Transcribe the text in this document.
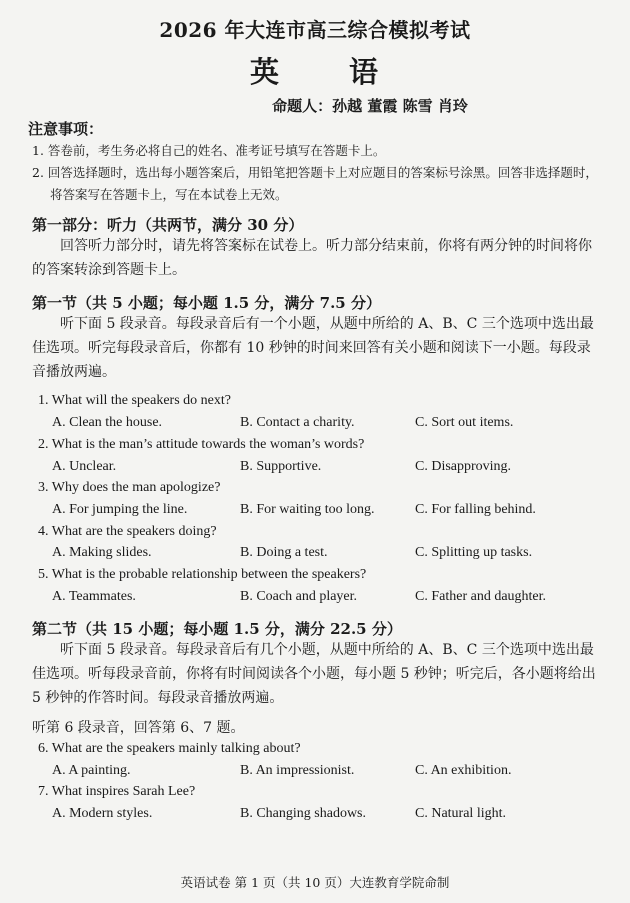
2026 年大连市高三综合模拟考试
英 语
命题人：孙越 董霞 陈雪 肖玲
注意事项：
1. 答卷前，考生务必将自己的姓名、准考证号填写在答题卡上。
2. 回答选择题时，选出每小题答案后，用铅笔把答题卡上对应题目的答案标号涂黑。回答非选择题时，
将答案写在答题卡上，写在本试卷上无效。
第一部分：听力（共两节，满分 30 分）
回答听力部分时，请先将答案标在试卷上。听力部分结束前，你将有两分钟的时间将你的答案转涂到答题卡上。
第一节（共 5 小题；每小题 1.5 分，满分 7.5 分）
听下面 5 段录音。每段录音后有一个小题，从题中所给的 A、B、C 三个选项中选出最佳选项。听完每段录音后，你都有 10 秒钟的时间来回答有关小题和阅读下一小题。每段录音播放两遍。
1. What will the speakers do next?
A. Clean the house.	B. Contact a charity.	C. Sort out items.
2. What is the man’s attitude towards the woman’s words?
A. Unclear.	B. Supportive.	C. Disapproving.
3. Why does the man apologize?
A. For jumping the line.	B. For waiting too long.	C. For falling behind.
4. What are the speakers doing?
A. Making slides.	B. Doing a test.	C. Splitting up tasks.
5. What is the probable relationship between the speakers?
A. Teammates.	B. Coach and player.	C. Father and daughter.
第二节（共 15 小题；每小题 1.5 分，满分 22.5 分）
听下面 5 段录音。每段录音后有几个小题，从题中所给的 A、B、C 三个选项中选出最佳选项。听每段录音前，你将有时间阅读各个小题，每小题 5 秒钟；听完后，各小题将给出 5 秒钟的作答时间。每段录音播放两遍。
听第 6 段录音，回答第 6、7 题。
6. What are the speakers mainly talking about?
A. A painting.	B. An impressionist.	C. An exhibition.
7. What inspires Sarah Lee?
A. Modern styles.	B. Changing shadows.	C. Natural light.
英语试卷 第 1 页（共 10 页）大连教育学院命制
